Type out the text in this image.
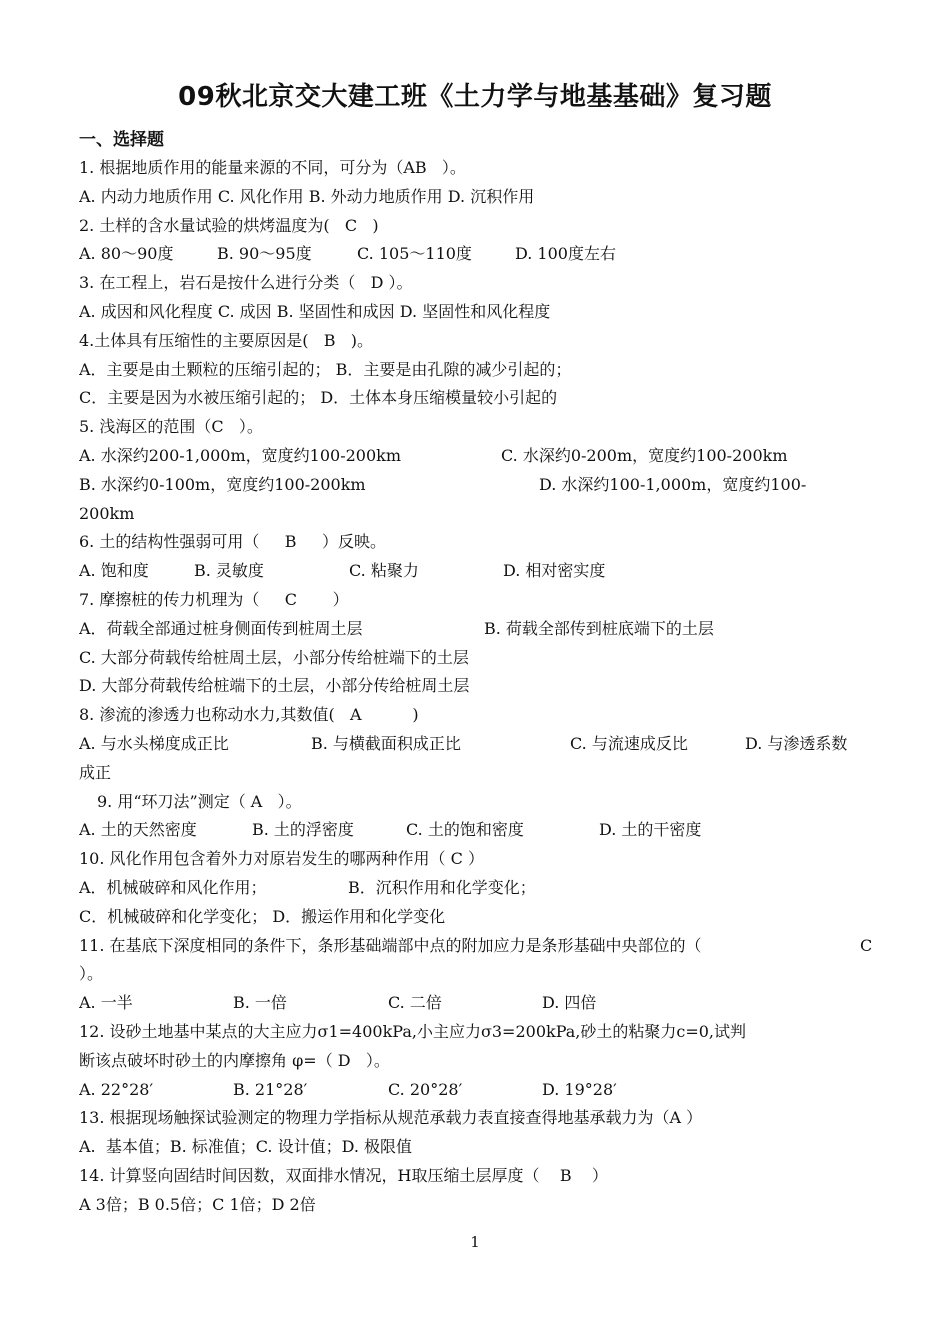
09秋北京交大建工班《土力学与地基基础》复习题
一、选择题
1. 根据地质作用的能量来源的不同，可分为（AB   ）。
A. 内动力地质作用 C. 风化作用 B. 外动力地质作用 D. 沉积作用
2. 土样的含水量试验的烘烤温度为(   C   )

A. 80～90度

	B. 90～95度

	C. 105～110度

	D. 100度左右

3. 在工程上，岩石是按什么进行分类（   D ）。
A. 成因和风化程度 C. 成因 B. 坚固性和成因 D. 坚固性和风化程度
4.土体具有压缩性的主要原因是(   B   )。
A．主要是由土颗粒的压缩引起的； B．主要是由孔隙的减少引起的；
C．主要是因为水被压缩引起的； D．土体本身压缩模量较小引起的
5. 浅海区的范围（C   ）。

A. 水深约200-1,000m，宽度约100-200km

	C. 水深约0-200m，宽度约100-200km

B. 水深约0-100m，宽度约100-200km

	D. 水深约100-1,000m，宽度约100-

200km
6. 土的结构性强弱可用（     B     ）反映。

A. 饱和度

	B. 灵敏度

	C. 粘聚力

	D. 相对密实度

7. 摩擦桩的传力机理为（     C       ）

A．荷载全部通过桩身侧面传到桩周土层

	B. 荷载全部传到桩底端下的土层

C. 大部分荷载传给桩周土层，小部分传给桩端下的土层
D. 大部分荷载传给桩端下的土层，小部分传给桩周土层
8. 渗流的渗透力也称动水力,其数值(   A          )

A. 与水头梯度成正比

	B. 与横截面积成正比

	C. 与流速成反比

	D. 与渗透系数

成正
9. 用“环刀法”测定（ A   ）。

A. 土的天然密度

	B. 土的浮密度

	C. 土的饱和密度

	D. 土的干密度

10. 风化作用包含着外力对原岩发生的哪两种作用（ C ）

A．机械破碎和风化作用；

	B．沉积作用和化学变化；

C．机械破碎和化学变化； D．搬运作用和化学变化

11. 在基底下深度相同的条件下，条形基础端部中点的附加应力是条形基础中央部位的（

	C

）。

A. 一半

	B. 一倍

	C. 二倍

	D. 四倍

12. 设砂土地基中某点的大主应力σ1=400kPa,小主应力σ3=200kPa,砂土的粘聚力c=0,试判
断该点破坏时砂土的内摩擦角 φ=（ D   ）。

A. 22°28′

	B. 21°28′

	C. 20°28′

	D. 19°28′

13. 根据现场触探试验测定的物理力学指标从规范承载力表直接查得地基承载力为（A ）
A.  基本值；B. 标准值；C. 设计值；D. 极限值
14. 计算竖向固结时间因数，双面排水情况，H取压缩土层厚度（    B    ）
A 3倍；B 0.5倍；C 1倍；D 2倍
1
